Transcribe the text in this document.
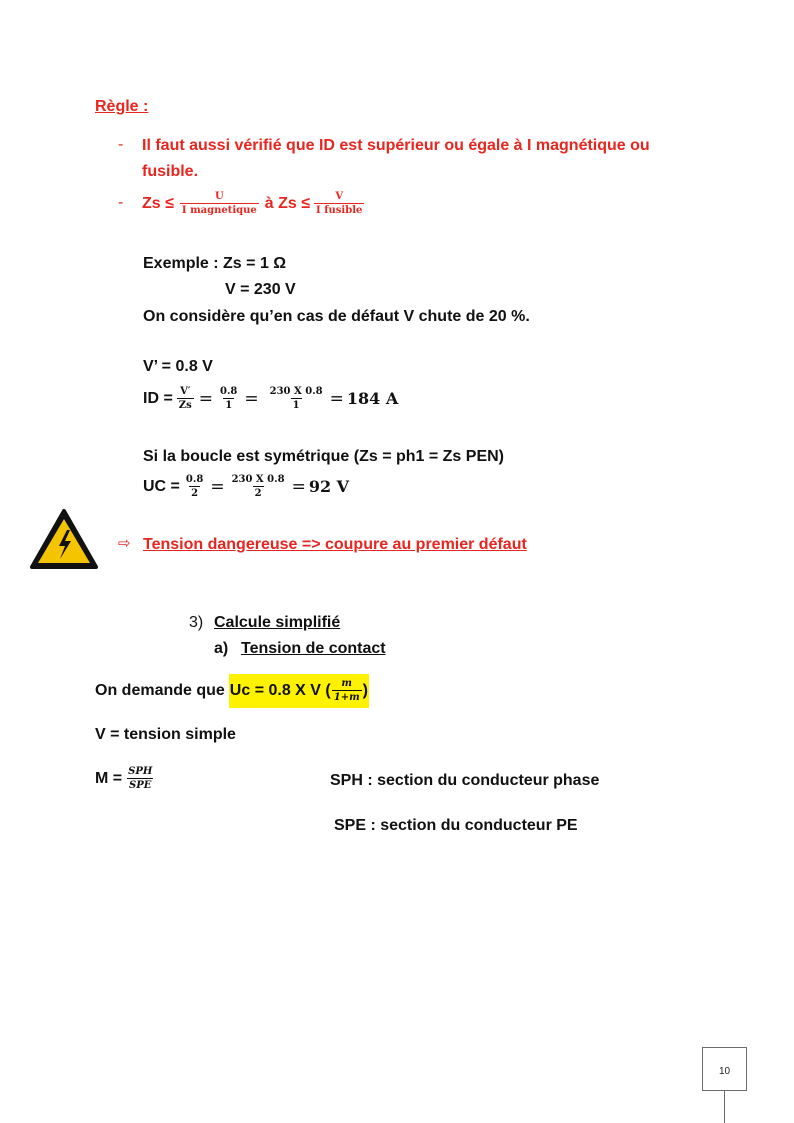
Règle :
- Il faut aussi vérifié que ID est supérieur ou égale à I magnétique ou
fusible.
- $Zs \le \frac{U}{\text{I magnetique}}$ à $Zs \le \frac{V}{\text{I fusible}}$
Exemple : Zs = 1 Ω
V = 230 V
On considère qu’en cas de défaut V chute de 20 %.
V’ = 0.8 V
ID = $\frac{V'}{Zs} = \frac{0.8}{1} = \frac{230 X 0.8}{1} = 184$ A
Si la boucle est symétrique (Zs = ph1 = Zs PEN)
UC = $\frac{0.8}{2} = \frac{230 X 0.8}{2} = 92$ V
⇨ Tension dangereuse => coupure au premier défaut
3) Calcule simplifié
a) Tension de contact
On demande que Uc = 0.8 X V ( $\frac{m}{1+m}$ )
V = tension simple
$M = \frac{\text{SPH}}{\text{SPE}}$	SPH : section du conducteur phase
SPE : section du conducteur PE
10
